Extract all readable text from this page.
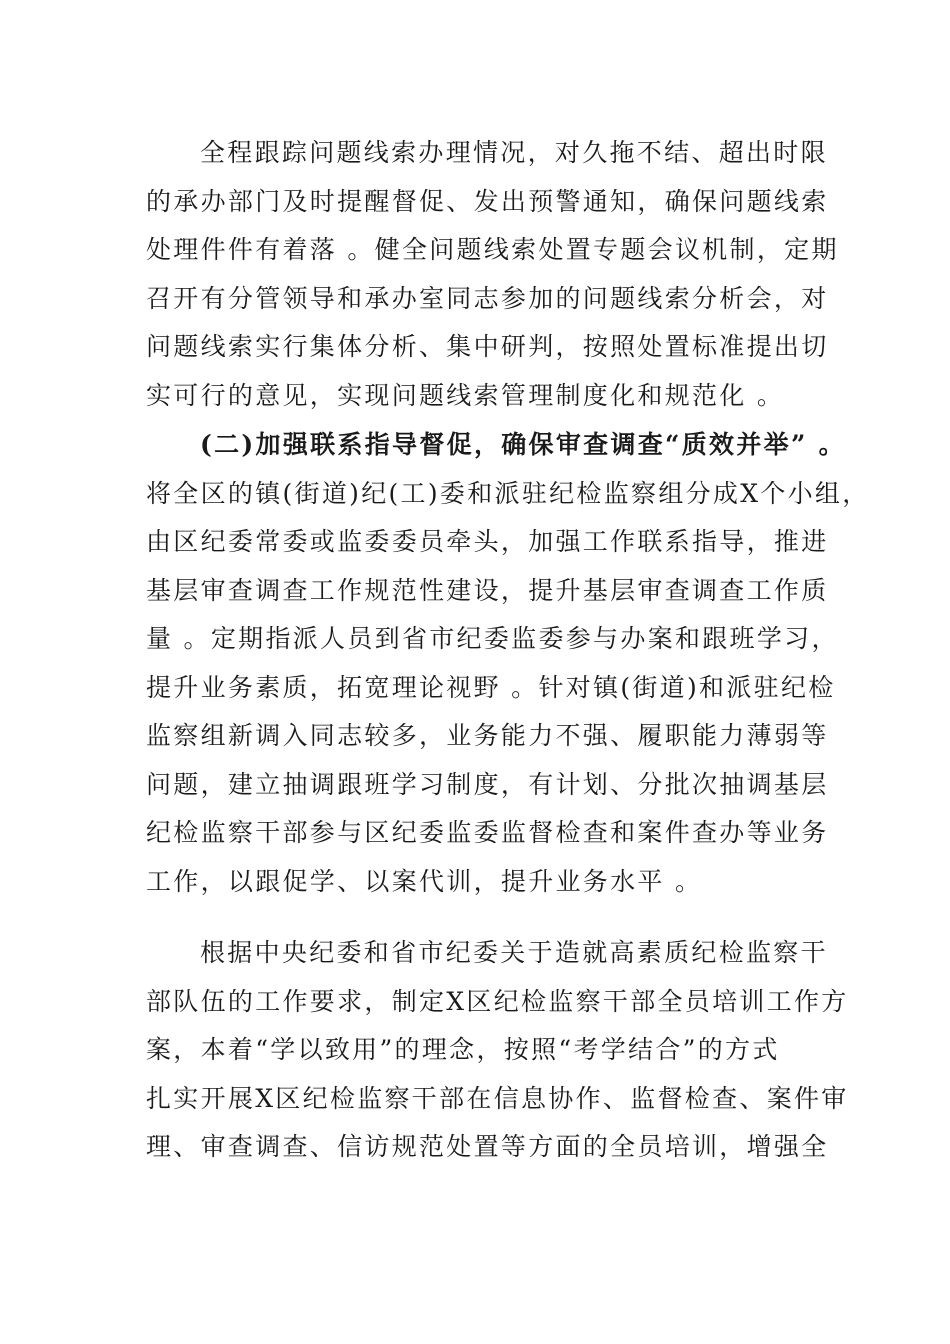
全程跟踪问题线索办理情况，对久拖不结、超出时限
的承办部门及时提醒督促、发出预警通知，确保问题线索
处理件件有着落 。健全问题线索处置专题会议机制，定期
召开有分管领导和承办室同志参加的问题线索分析会，对
问题线索实行集体分析、集中研判，按照处置标准提出切
实可行的意见，实现问题线索管理制度化和规范化 。
(二)加强联系指导督促，确保审查调查“质效并举” 。
将全区的镇(街道)纪(工)委和派驻纪检监察组分成X个小组，
由区纪委常委或监委委员牵头，加强工作联系指导，推进
基层审查调查工作规范性建设，提升基层审查调查工作质
量 。定期指派人员到省市纪委监委参与办案和跟班学习，
提升业务素质，拓宽理论视野 。针对镇(街道)和派驻纪检
监察组新调入同志较多，业务能力不强、履职能力薄弱等
问题，建立抽调跟班学习制度，有计划、分批次抽调基层
纪检监察干部参与区纪委监委监督检查和案件查办等业务
工作，以跟促学、以案代训，提升业务水平 。
根据中央纪委和省市纪委关于造就高素质纪检监察干
部队伍的工作要求，制定X区纪检监察干部全员培训工作方
案，本着“学以致用”的理念，按照“考学结合”的方式
扎实开展X区纪检监察干部在信息协作、监督检查、案件审
理、审查调查、信访规范处置等方面的全员培训，增强全
